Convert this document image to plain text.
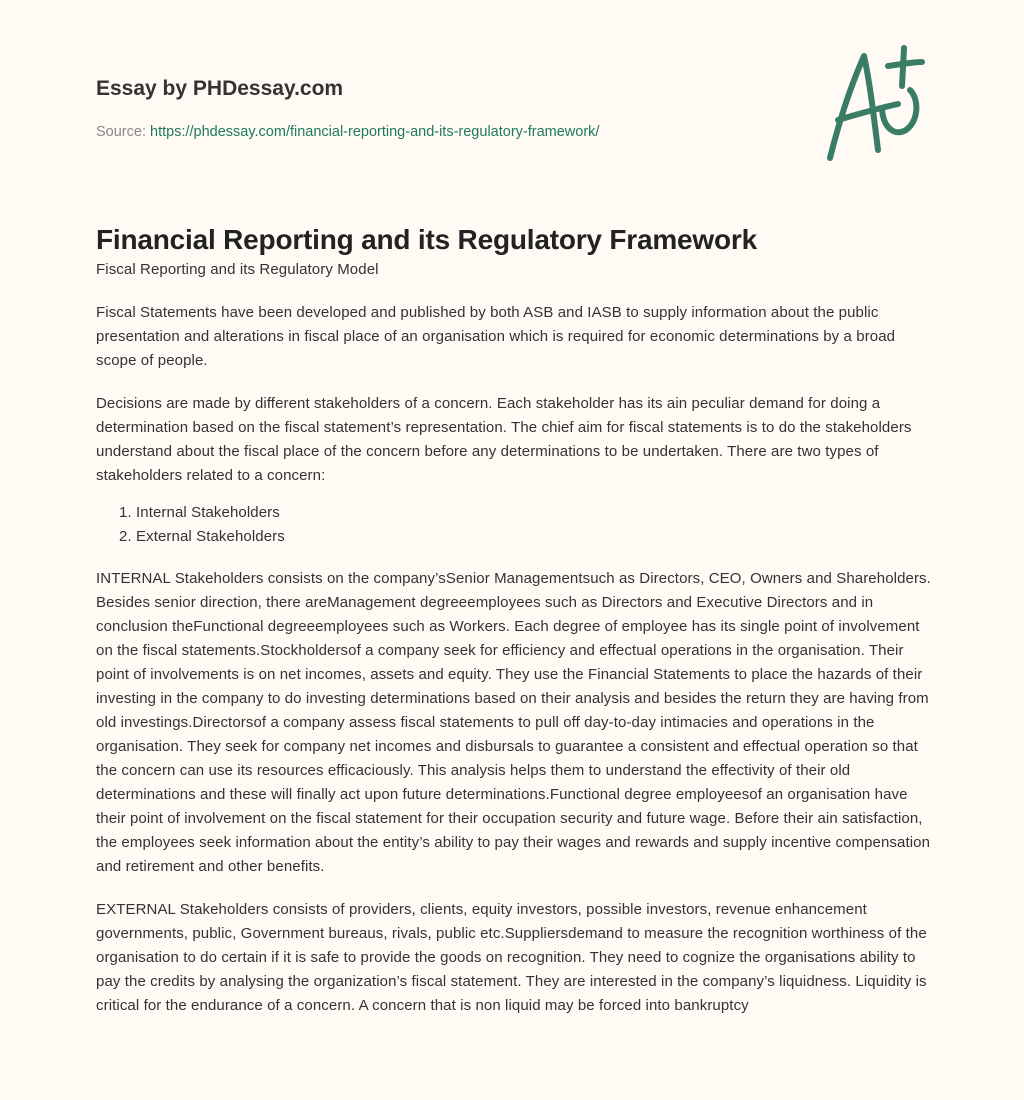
Essay by PHDessay.com
Source: https://phdessay.com/financial-reporting-and-its-regulatory-framework/
Financial Reporting and its Regulatory Framework

Fiscal Reporting and its Regulatory Model

Fiscal Statements have been developed and published by both ASB and IASB to supply information about the public presentation and alterations in fiscal place of an organisation which is required for economic determinations by a broad scope of people.

Decisions are made by different stakeholders of a concern. Each stakeholder has its ain peculiar demand for doing a determination based on the fiscal statement’s representation. The chief aim for fiscal statements is to do the stakeholders understand about the fiscal place of the concern before any determinations to be undertaken. There are two types of stakeholders related to a concern:

1. Internal Stakeholders
2. External Stakeholders

INTERNAL Stakeholders consists on the company’sSenior Managementsuch as Directors, CEO, Owners and Shareholders. Besides senior direction, there areManagement degreeemployees such as Directors and Executive Directors and in conclusion theFunctional degreeemployees such as Workers. Each degree of employee has its single point of involvement on the fiscal statements.Stockholdersof a company seek for efficiency and effectual operations in the organisation. Their point of involvements is on net incomes, assets and equity. They use the Financial Statements to place the hazards of their investing in the company to do investing determinations based on their analysis and besides the return they are having from old investings.Directorsof a company assess fiscal statements to pull off day-to-day intimacies and operations in the organisation. They seek for company net incomes and disbursals to guarantee a consistent and effectual operation so that the concern can use its resources efficaciously. This analysis helps them to understand the effectivity of their old determinations and these will finally act upon future determinations.Functional degree employeesof an organisation have their point of involvement on the fiscal statement for their occupation security and future wage. Before their ain satisfaction, the employees seek information about the entity’s ability to pay their wages and rewards and supply incentive compensation and retirement and other benefits.

EXTERNAL Stakeholders consists of providers, clients, equity investors, possible investors, revenue enhancement governments, public, Government bureaus, rivals, public etc.Suppliersdemand to measure the recognition worthiness of the organisation to do certain if it is safe to provide the goods on recognition. They need to cognize the organisations ability to pay the credits by analysing the organization’s fiscal statement. They are interested in the company’s liquidness. Liquidity is critical for the endurance of a concern. A concern that is non liquid may be forced into bankruptcy
